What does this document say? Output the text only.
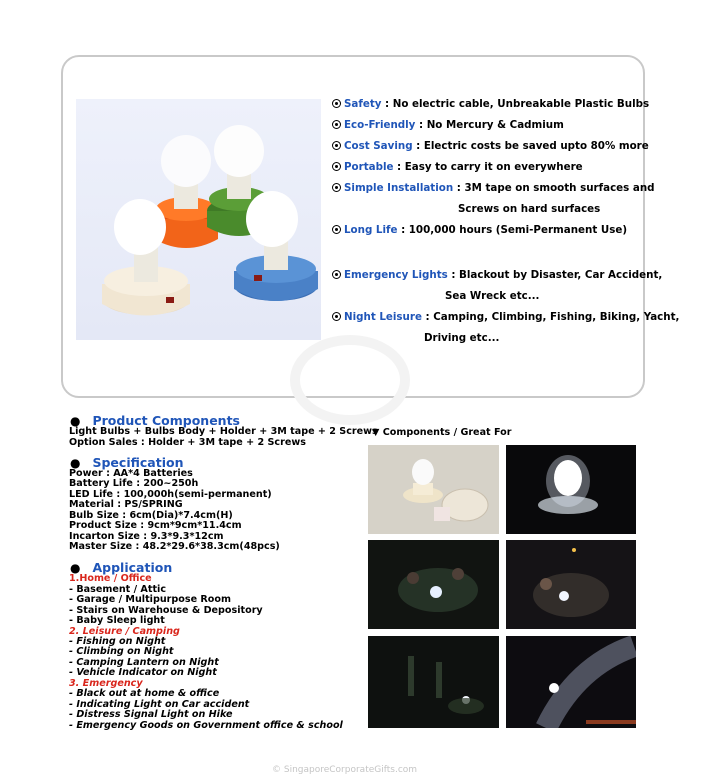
Safety : No electric cable, Unbreakable Plastic Bulbs
Eco-Friendly : No Mercury & Cadmium
Cost Saving : Electric costs be saved upto 80% more
Portable : Easy to carry it on everywhere
Simple Installation : 3M tape on smooth surfaces and
Screws on hard surfaces
Long Life : 100,000 hours (Semi-Permanent Use)
Emergency Lights : Blackout by Disaster, Car Accident,
Sea Wreck etc...
Night Leisure : Camping, Climbing, Fishing, Biking, Yacht,
Driving etc...
● Product Components
Light Bulbs + Bulbs Body + Holder + 3M tape + 2 Screws
Option Sales : Holder + 3M tape + 2 Screws
▼ Components / Great For
● Specification
Power : AA*4 Batteries
Battery Life : 200~250h
LED Life : 100,000h(semi-permanent)
Material : PS/SPRING
Bulb Size : 6cm(Dia)*7.4cm(H)
Product Size : 9cm*9cm*11.4cm
Incarton Size : 9.3*9.3*12cm
Master Size : 48.2*29.6*38.3cm(48pcs)
● Application
1.Home / Office
- Basement / Attic
- Garage / Multipurpose Room
- Stairs on Warehouse & Depository
- Baby Sleep light
2. Leisure / Camping
- Fishing on Night
- Climbing on Night
- Camping Lantern on Night
- Vehicle Indicator on Night
3. Emergency
- Black out at home & office
- Indicating Light on Car accident
- Distress Signal Light on Hike
- Emergency Goods on Government office & school
© SingaporeCorporateGifts.com
